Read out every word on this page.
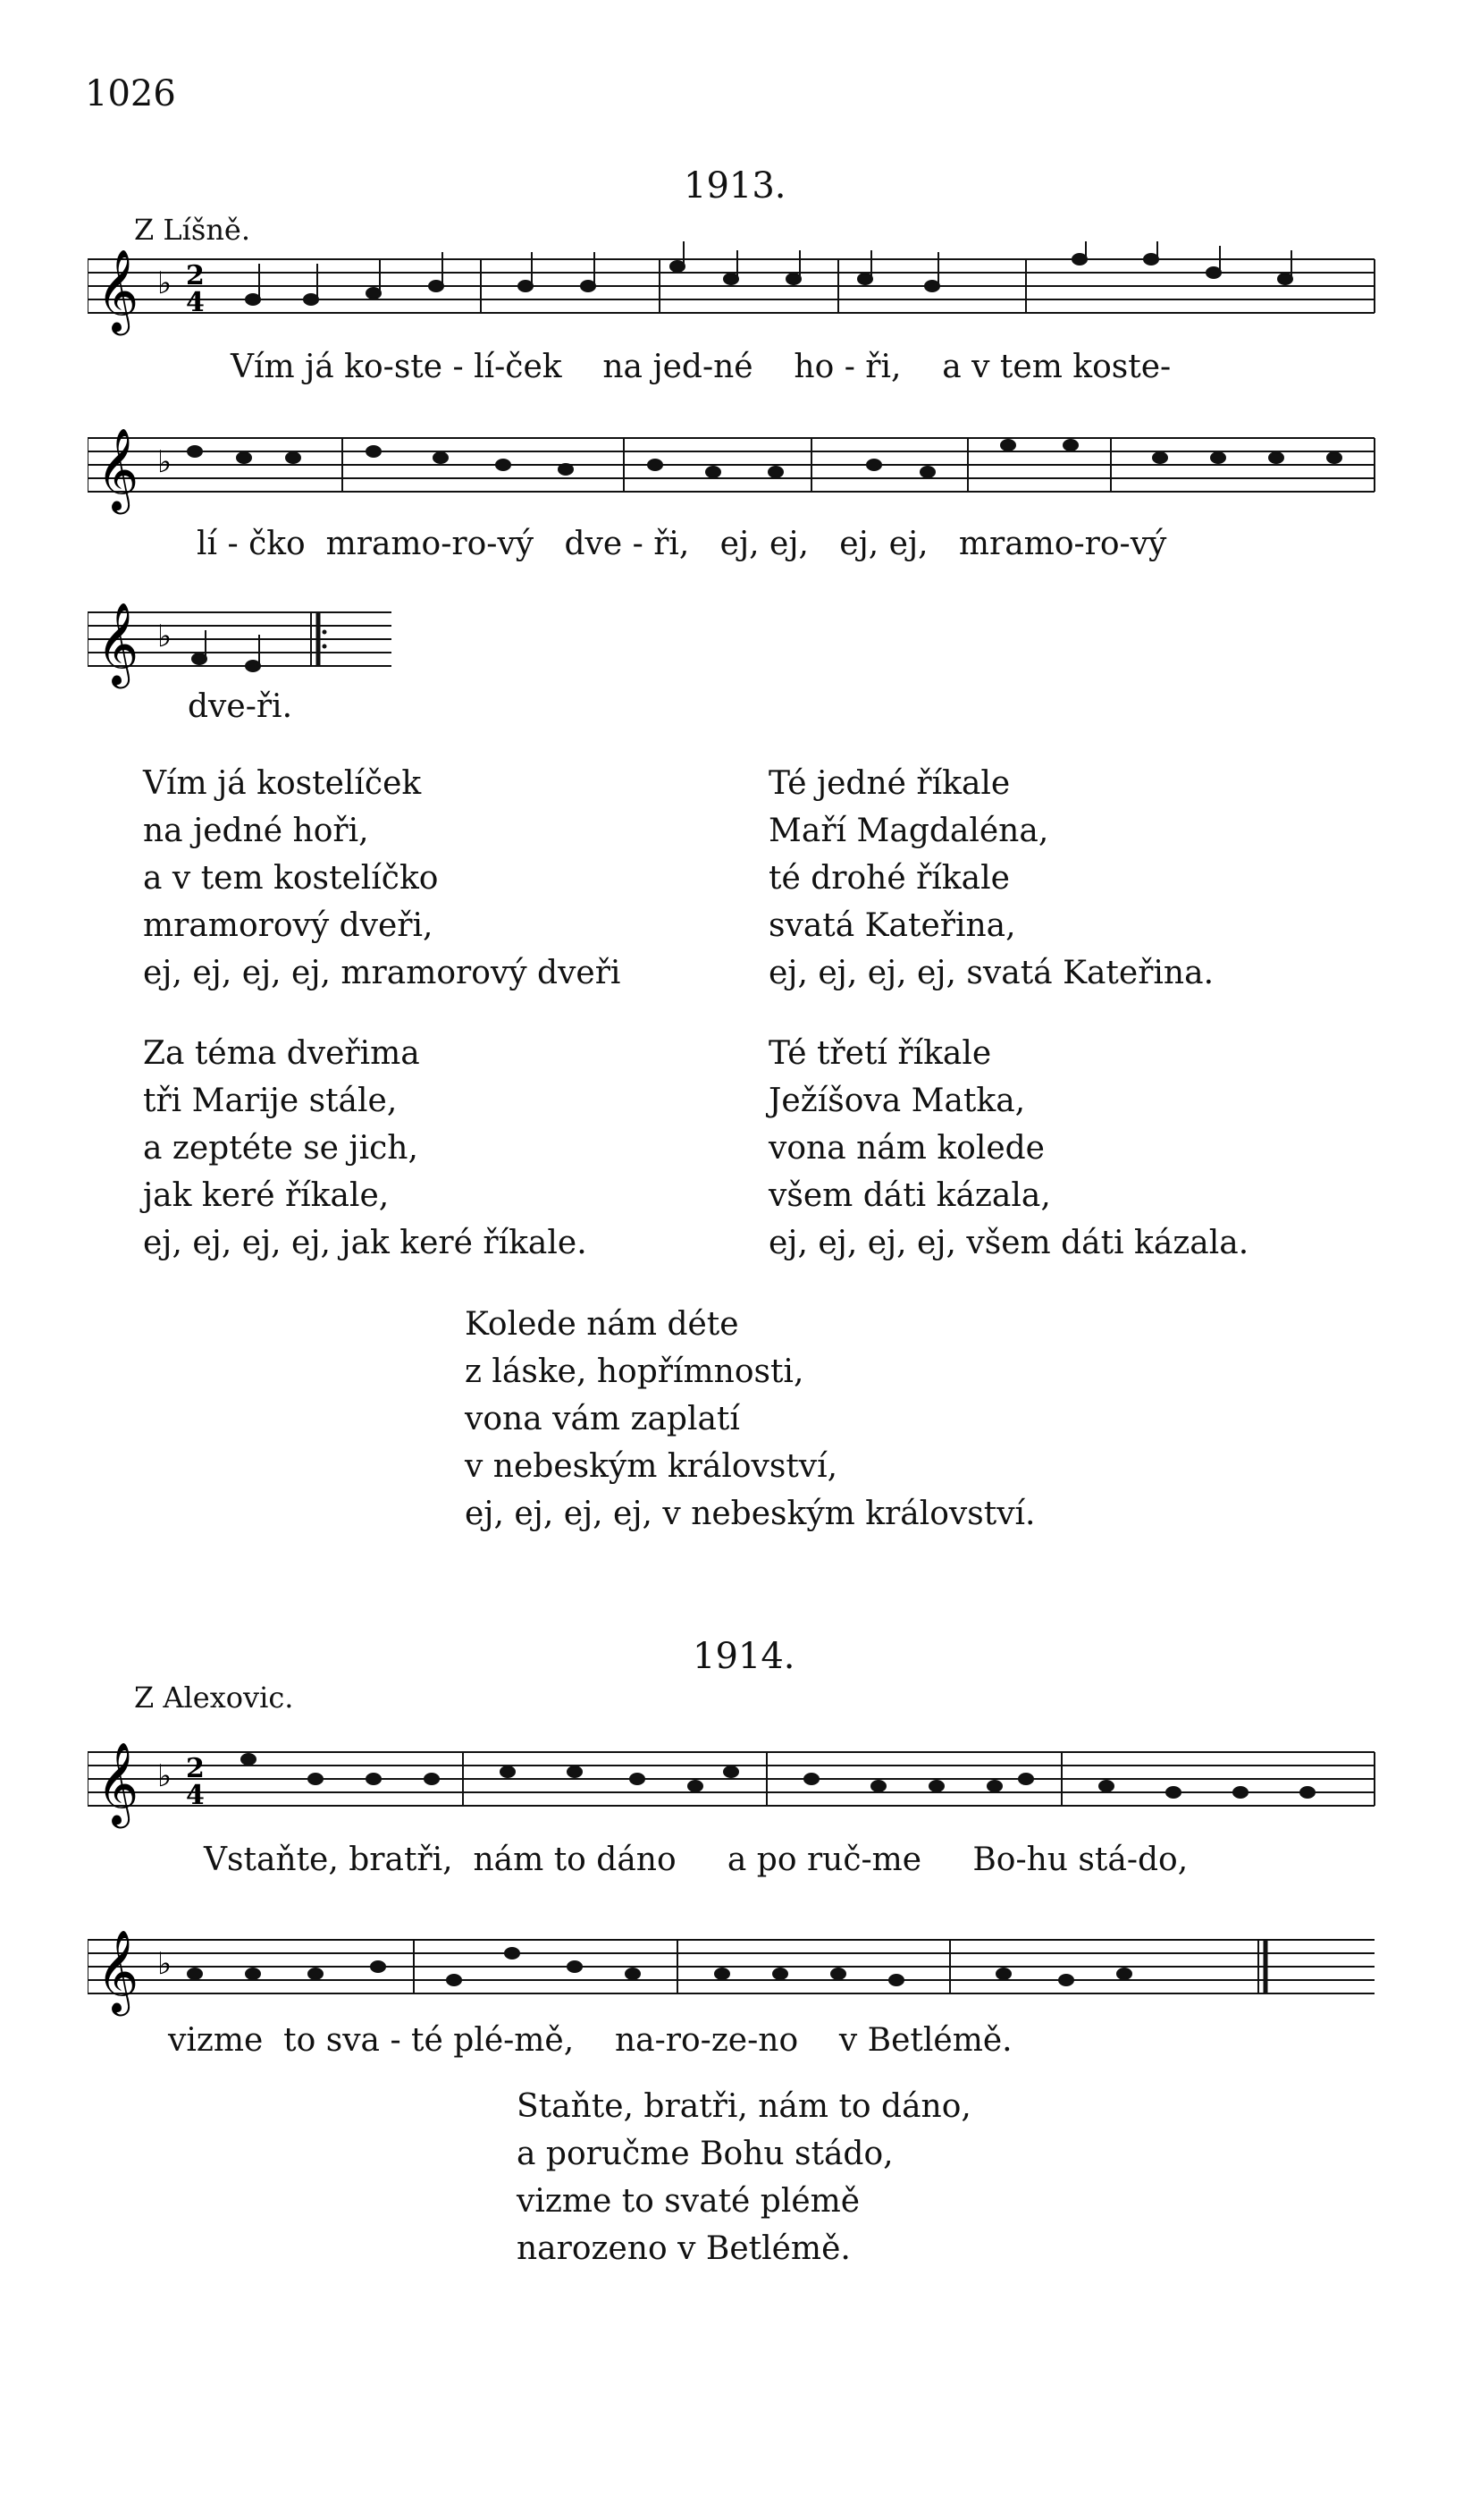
1026
1913.
Z Líšně.
𝄞 ♭ 2
4
Vím já ko-ste - lí-ček    na jed-né    ho - ři,    a v tem koste-
𝄞 ♭
lí - čko  mramo-ro-vý   dve - ři,   ej, ej,   ej, ej,   mramo-ro-vý
𝄞 ♭
dve-ři.
Vím já kostelíček
na jedné hoři,
a v tem kostelíčko
mramorový dveři,
ej, ej, ej, ej, mramorový dveři
Té jedné říkale
Maří Magdaléna,
té drohé říkale
svatá Kateřina,
ej, ej, ej, ej, svatá Kateřina.
Za téma dveřima
tři Marije stále,
a zeptéte se jich,
jak keré říkale,
ej, ej, ej, ej, jak keré říkale.
Té třetí říkale
Ježíšova Matka,
vona nám kolede
všem dáti kázala,
ej, ej, ej, ej, všem dáti kázala.
Kolede nám déte
z láske, hopřímnosti,
vona vám zaplatí
v nebeským království,
ej, ej, ej, ej, v nebeským království.
1914.
Z Alexovic.
𝄞 ♭ 2
4
Vstaňte, bratři,  nám to dáno     a po ruč-me     Bo-hu stá-do,
𝄞 ♭
vizme  to sva - té plé-mě,    na-ro-ze-no    v Betlémě.
Staňte, bratři, nám to dáno,
a poručme Bohu stádo,
vizme to svaté plémě
narozeno v Betlémě.
